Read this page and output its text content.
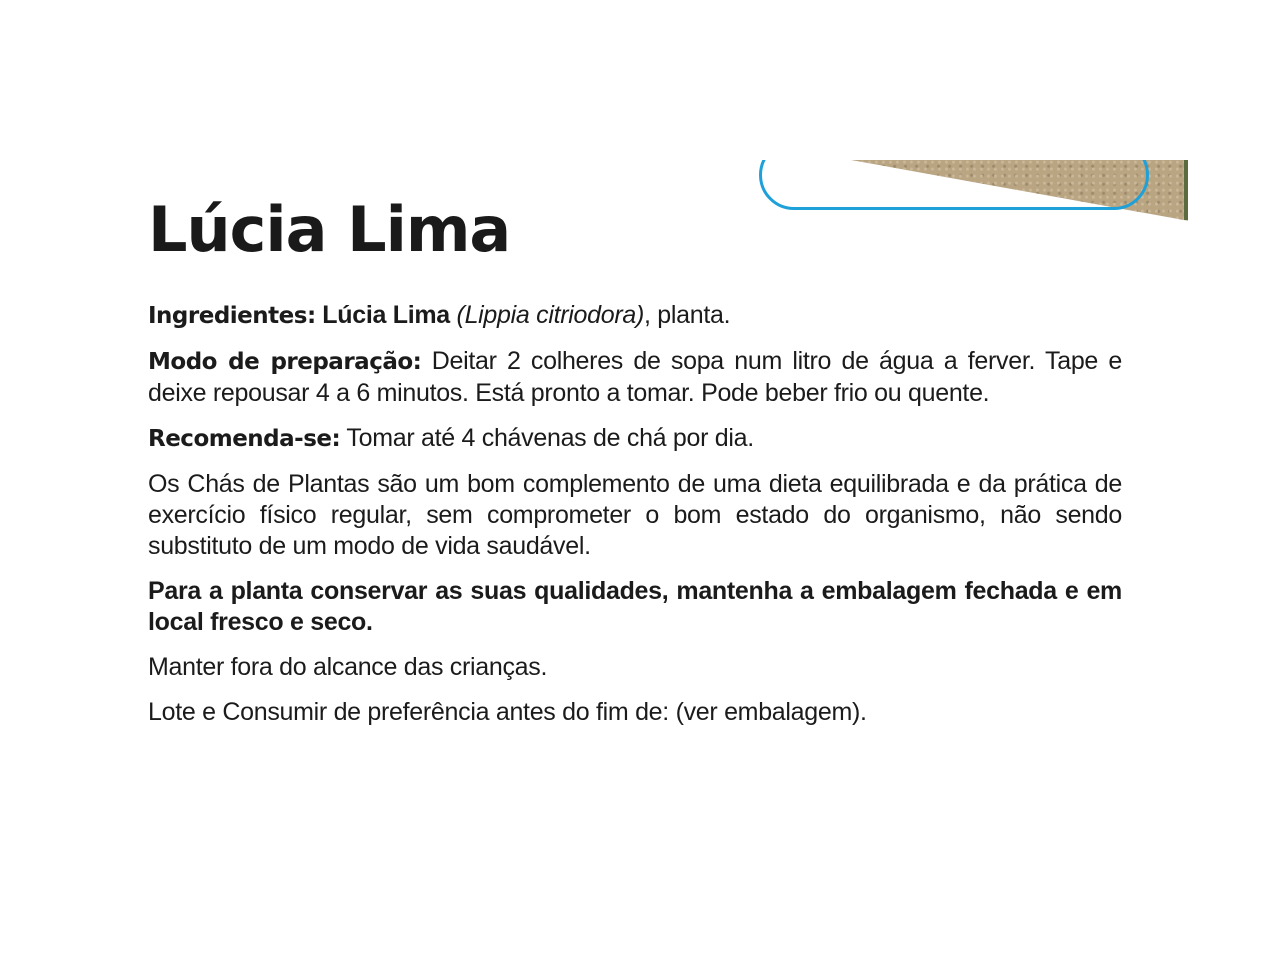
Lúcia Lima

Ingredientes: Lúcia Lima (Lippia citriodora), planta.

Modo de preparação: Deitar 2 colheres de sopa num litro de água a ferver. Tape e deixe repousar 4 a 6 minutos. Está pronto a tomar. Pode beber frio ou quente.

Recomenda-se: Tomar até 4 chávenas de chá por dia.

Os Chás de Plantas são um bom complemento de uma dieta equilibrada e da prática de exercício físico regular, sem comprometer o bom estado do organismo, não sendo substituto de um modo de vida saudável.

Para a planta conservar as suas qualidades, mantenha a embalagem fechada e em local fresco e seco.

Manter fora do alcance das crianças.

Lote e Consumir de preferência antes do fim de: (ver embalagem).
